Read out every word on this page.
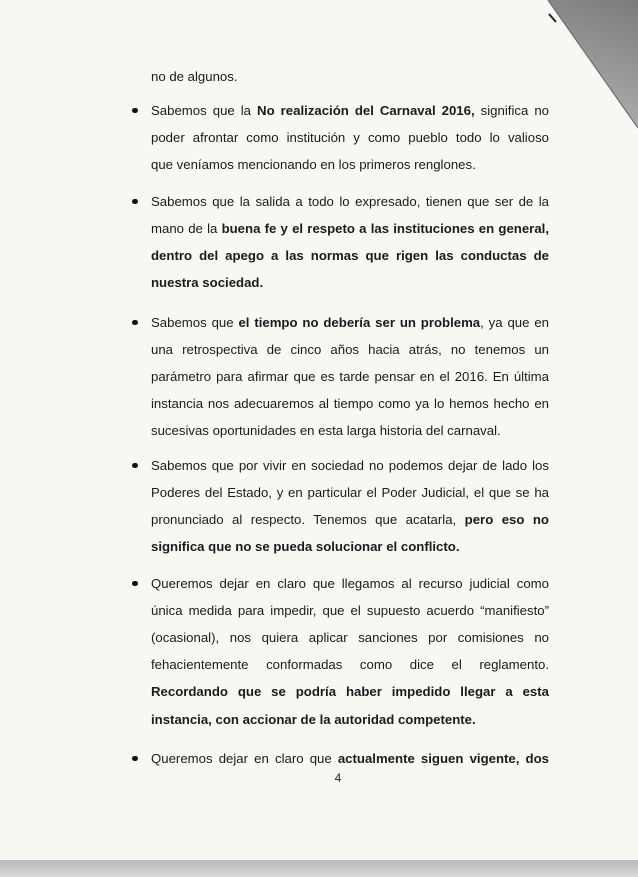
no de algunos.
Sabemos que la No realización del Carnaval 2016, significa no
poder afrontar como institución y como pueblo todo lo valioso
que veníamos mencionando en los primeros renglones.
Sabemos que la salida a todo lo expresado, tienen que ser de la
mano de la buena fe y el respeto a las instituciones en general,
dentro del apego a las normas que rigen las conductas de
nuestra sociedad.
Sabemos que el tiempo no debería ser un problema, ya que en
una retrospectiva de cinco años hacia atrás, no tenemos un
parámetro para afirmar que es tarde pensar en el 2016. En última
instancia nos adecuaremos al tiempo como ya lo hemos hecho en
sucesivas oportunidades en esta larga historia del carnaval.
Sabemos que por vivir en sociedad no podemos dejar de lado los
Poderes del Estado, y en particular el Poder Judicial, el que se ha
pronunciado al respecto. Tenemos que acatarla, pero eso no
significa que no se pueda solucionar el conflicto.
Queremos dejar en claro que llegamos al recurso judicial como
única medida para impedir, que el supuesto acuerdo “manifiesto”
(ocasional), nos quiera aplicar sanciones por comisiones no
fehacientemente conformadas como dice el reglamento.
Recordando que se podría haber impedido llegar a esta
instancia, con accionar de la autoridad competente.
Queremos dejar en claro que actualmente siguen vigente, dos
4
